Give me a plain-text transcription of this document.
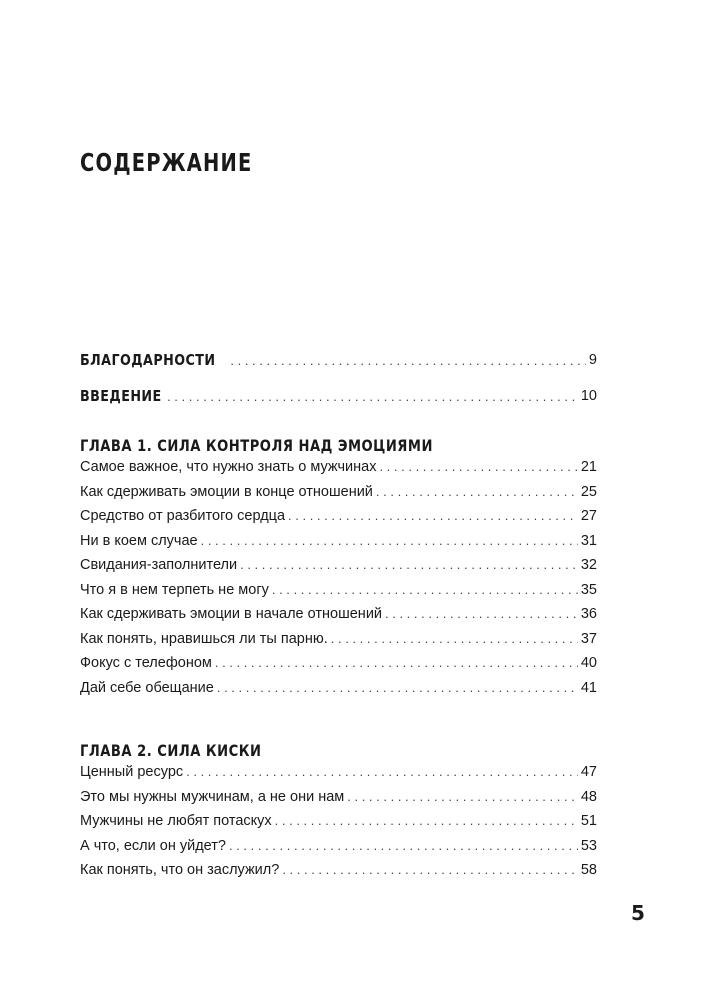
СОДЕРЖАНИЕ
БЛАГОДАРНОСТИ . . .	9
ВВЕДЕНИЕ . . .	10
ГЛАВА 1. СИЛА КОНТРОЛЯ НАД ЭМОЦИЯМИ
Самое важное, что нужно знать о мужчинах . . .	21
Как сдерживать эмоции в конце отношений . . .	25
Средство от разбитого сердца . . .	27
Ни в коем случае . . .	31
Свидания-заполнители . . .	32
Что я в нем терпеть не могу . . .	35
Как сдерживать эмоции в начале отношений . . .	36
Как понять, нравишься ли ты парню. . . .	37
Фокус с телефоном . . .	40
Дай себе обещание . . .	41
ГЛАВА 2. СИЛА КИСКИ
Ценный ресурс . . .	47
Это мы нужны мужчинам, а не они нам . . .	48
Мужчины не любят потаскух . . .	51
А что, если он уйдет? . . .	53
Как понять, что он заслужил? . . .	58
5
